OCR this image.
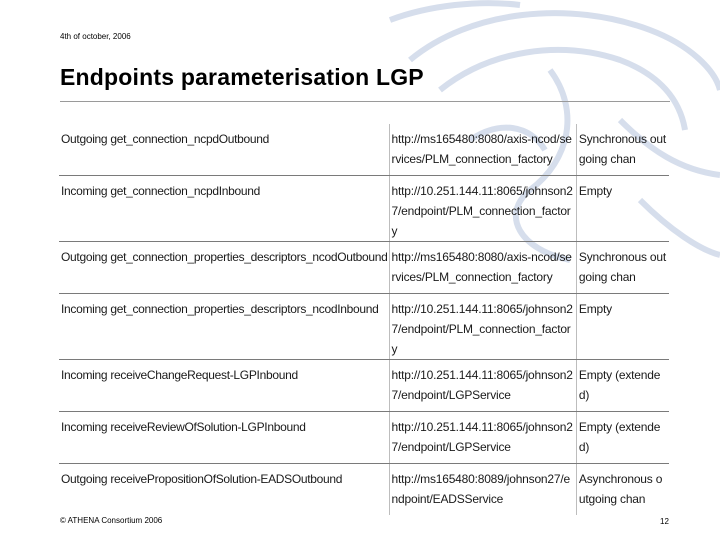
4th of october, 2006
Endpoints parameterisation LGP
Outgoing get_connection_ncpdOutbound	http://ms165480:8080/axis-ncod/services/PLM_connection_factory	Synchronous outgoing chan
Incoming get_connection_ncpdInbound	http://10.251.144.11:8065/johnson27/endpoint/PLM_connection_factory	Empty
Outgoing get_connection_properties_descriptors_ncodOutbound	http://ms165480:8080/axis-ncod/services/PLM_connection_factory	Synchronous outgoing chan
Incoming get_connection_properties_descriptors_ncodInbound	http://10.251.144.11:8065/johnson27/endpoint/PLM_connection_factory	Empty
Incoming receiveChangeRequest-LGPInbound	http://10.251.144.11:8065/johnson27/endpoint/LGPService	Empty (extended)
Incoming receiveReviewOfSolution-LGPInbound	http://10.251.144.11:8065/johnson27/endpoint/LGPService	Empty (extended)
Outgoing receivePropositionOfSolution-EADSOutbound	http://ms165480:8089/johnson27/endpoint/EADSService	Asynchronous outgoing chan
© ATHENA Consortium 2006	12
